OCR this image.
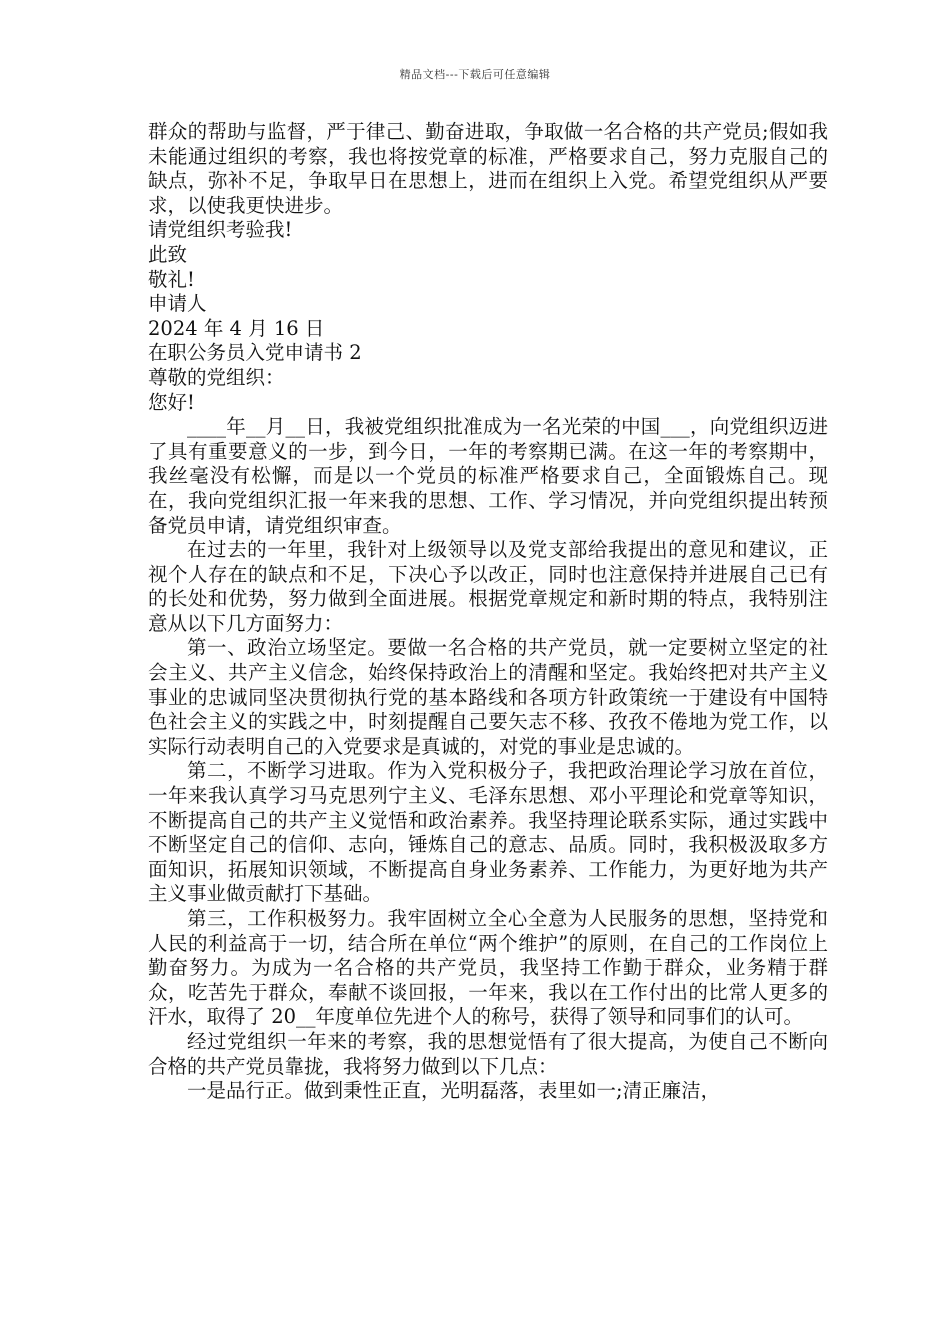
精品文档---下载后可任意编辑

群众的帮助与监督，严于律己、勤奋进取，争取做一名合格的共产党员;假如我未能通过组织的考察，我也将按党章的标准，严格要求自己，努力克服自己的缺点，弥补不足，争取早日在思想上，进而在组织上入党。希望党组织从严要求，以使我更快进步。

请党组织考验我!

此致

敬礼!

申请人

2024 年 4 月 16 日

在职公务员入党申请书 2

尊敬的党组织：

您好!

____年__月__日，我被党组织批准成为一名光荣的中国___，向党组织迈进了具有重要意义的一步，到今日，一年的考察期已满。在这一年的考察期中，我丝毫没有松懈，而是以一个党员的标准严格要求自己，全面锻炼自己。现在，我向党组织汇报一年来我的思想、工作、学习情况，并向党组织提出转预备党员申请，请党组织审查。

在过去的一年里，我针对上级领导以及党支部给我提出的意见和建议，正视个人存在的缺点和不足，下决心予以改正，同时也注意保持并进展自己已有的长处和优势，努力做到全面进展。根据党章规定和新时期的特点，我特别注意从以下几方面努力：

第一、政治立场坚定。要做一名合格的共产党员，就一定要树立坚定的社会主义、共产主义信念，始终保持政治上的清醒和坚定。我始终把对共产主义事业的忠诚同坚决贯彻执行党的基本路线和各项方针政策统一于建设有中国特色社会主义的实践之中，时刻提醒自己要矢志不移、孜孜不倦地为党工作，以实际行动表明自己的入党要求是真诚的，对党的事业是忠诚的。

第二，不断学习进取。作为入党积极分子，我把政治理论学习放在首位，一年来我认真学习马克思列宁主义、毛泽东思想、邓小平理论和党章等知识，不断提高自己的共产主义觉悟和政治素养。我坚持理论联系实际，通过实践中不断坚定自己的信仰、志向，锤炼自己的意志、品质。同时，我积极汲取多方面知识，拓展知识领域，不断提高自身业务素养、工作能力，为更好地为共产主义事业做贡献打下基础。

第三，工作积极努力。我牢固树立全心全意为人民服务的思想，坚持党和人民的利益高于一切，结合所在单位“两个维护”的原则，在自己的工作岗位上勤奋努力。为成为一名合格的共产党员，我坚持工作勤于群众，业务精于群众，吃苦先于群众，奉献不谈回报，一年来，我以在工作付出的比常人更多的汗水，取得了 20__年度单位先进个人的称号，获得了领导和同事们的认可。

经过党组织一年来的考察，我的思想觉悟有了很大提高，为使自己不断向合格的共产党员靠拢，我将努力做到以下几点：

一是品行正。做到秉性正直，光明磊落，表里如一;清正廉洁，
